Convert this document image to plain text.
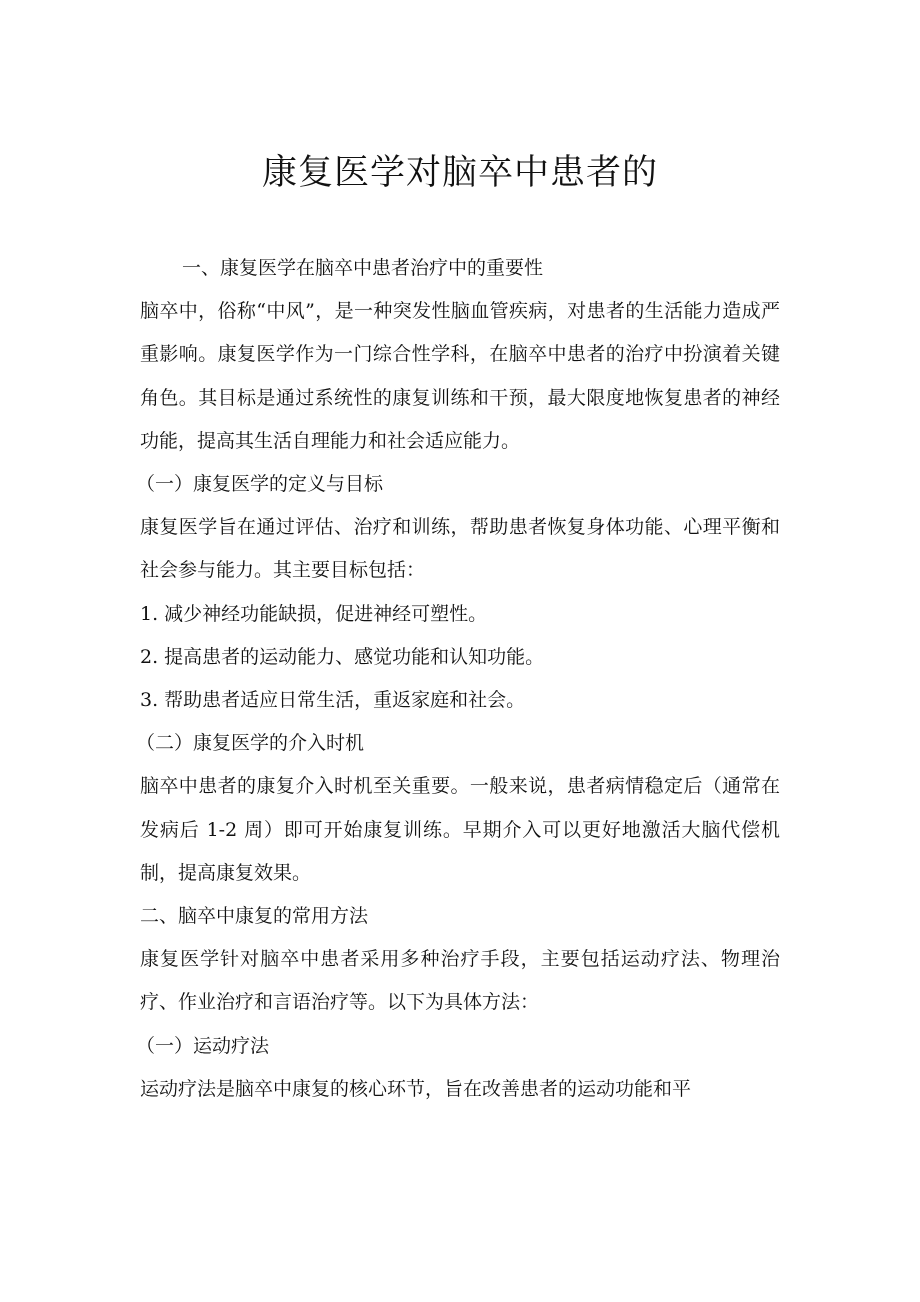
康复医学对脑卒中患者的

一、康复医学在脑卒中患者治疗中的重要性

脑卒中，俗称“中风”，是一种突发性脑血管疾病，对患者的生活能力造成严重影响。康复医学作为一门综合性学科，在脑卒中患者的治疗中扮演着关键角色。其目标是通过系统性的康复训练和干预，最大限度地恢复患者的神经功能，提高其生活自理能力和社会适应能力。

（一）康复医学的定义与目标

康复医学旨在通过评估、治疗和训练，帮助患者恢复身体功能、心理平衡和社会参与能力。其主要目标包括：

1. 减少神经功能缺损，促进神经可塑性。

2. 提高患者的运动能力、感觉功能和认知功能。

3. 帮助患者适应日常生活，重返家庭和社会。

（二）康复医学的介入时机

脑卒中患者的康复介入时机至关重要。一般来说，患者病情稳定后（通常在发病后 1-2 周）即可开始康复训练。早期介入可以更好地激活大脑代偿机制，提高康复效果。

二、脑卒中康复的常用方法

康复医学针对脑卒中患者采用多种治疗手段，主要包括运动疗法、物理治疗、作业治疗和言语治疗等。以下为具体方法：

（一）运动疗法

运动疗法是脑卒中康复的核心环节，旨在改善患者的运动功能和平
